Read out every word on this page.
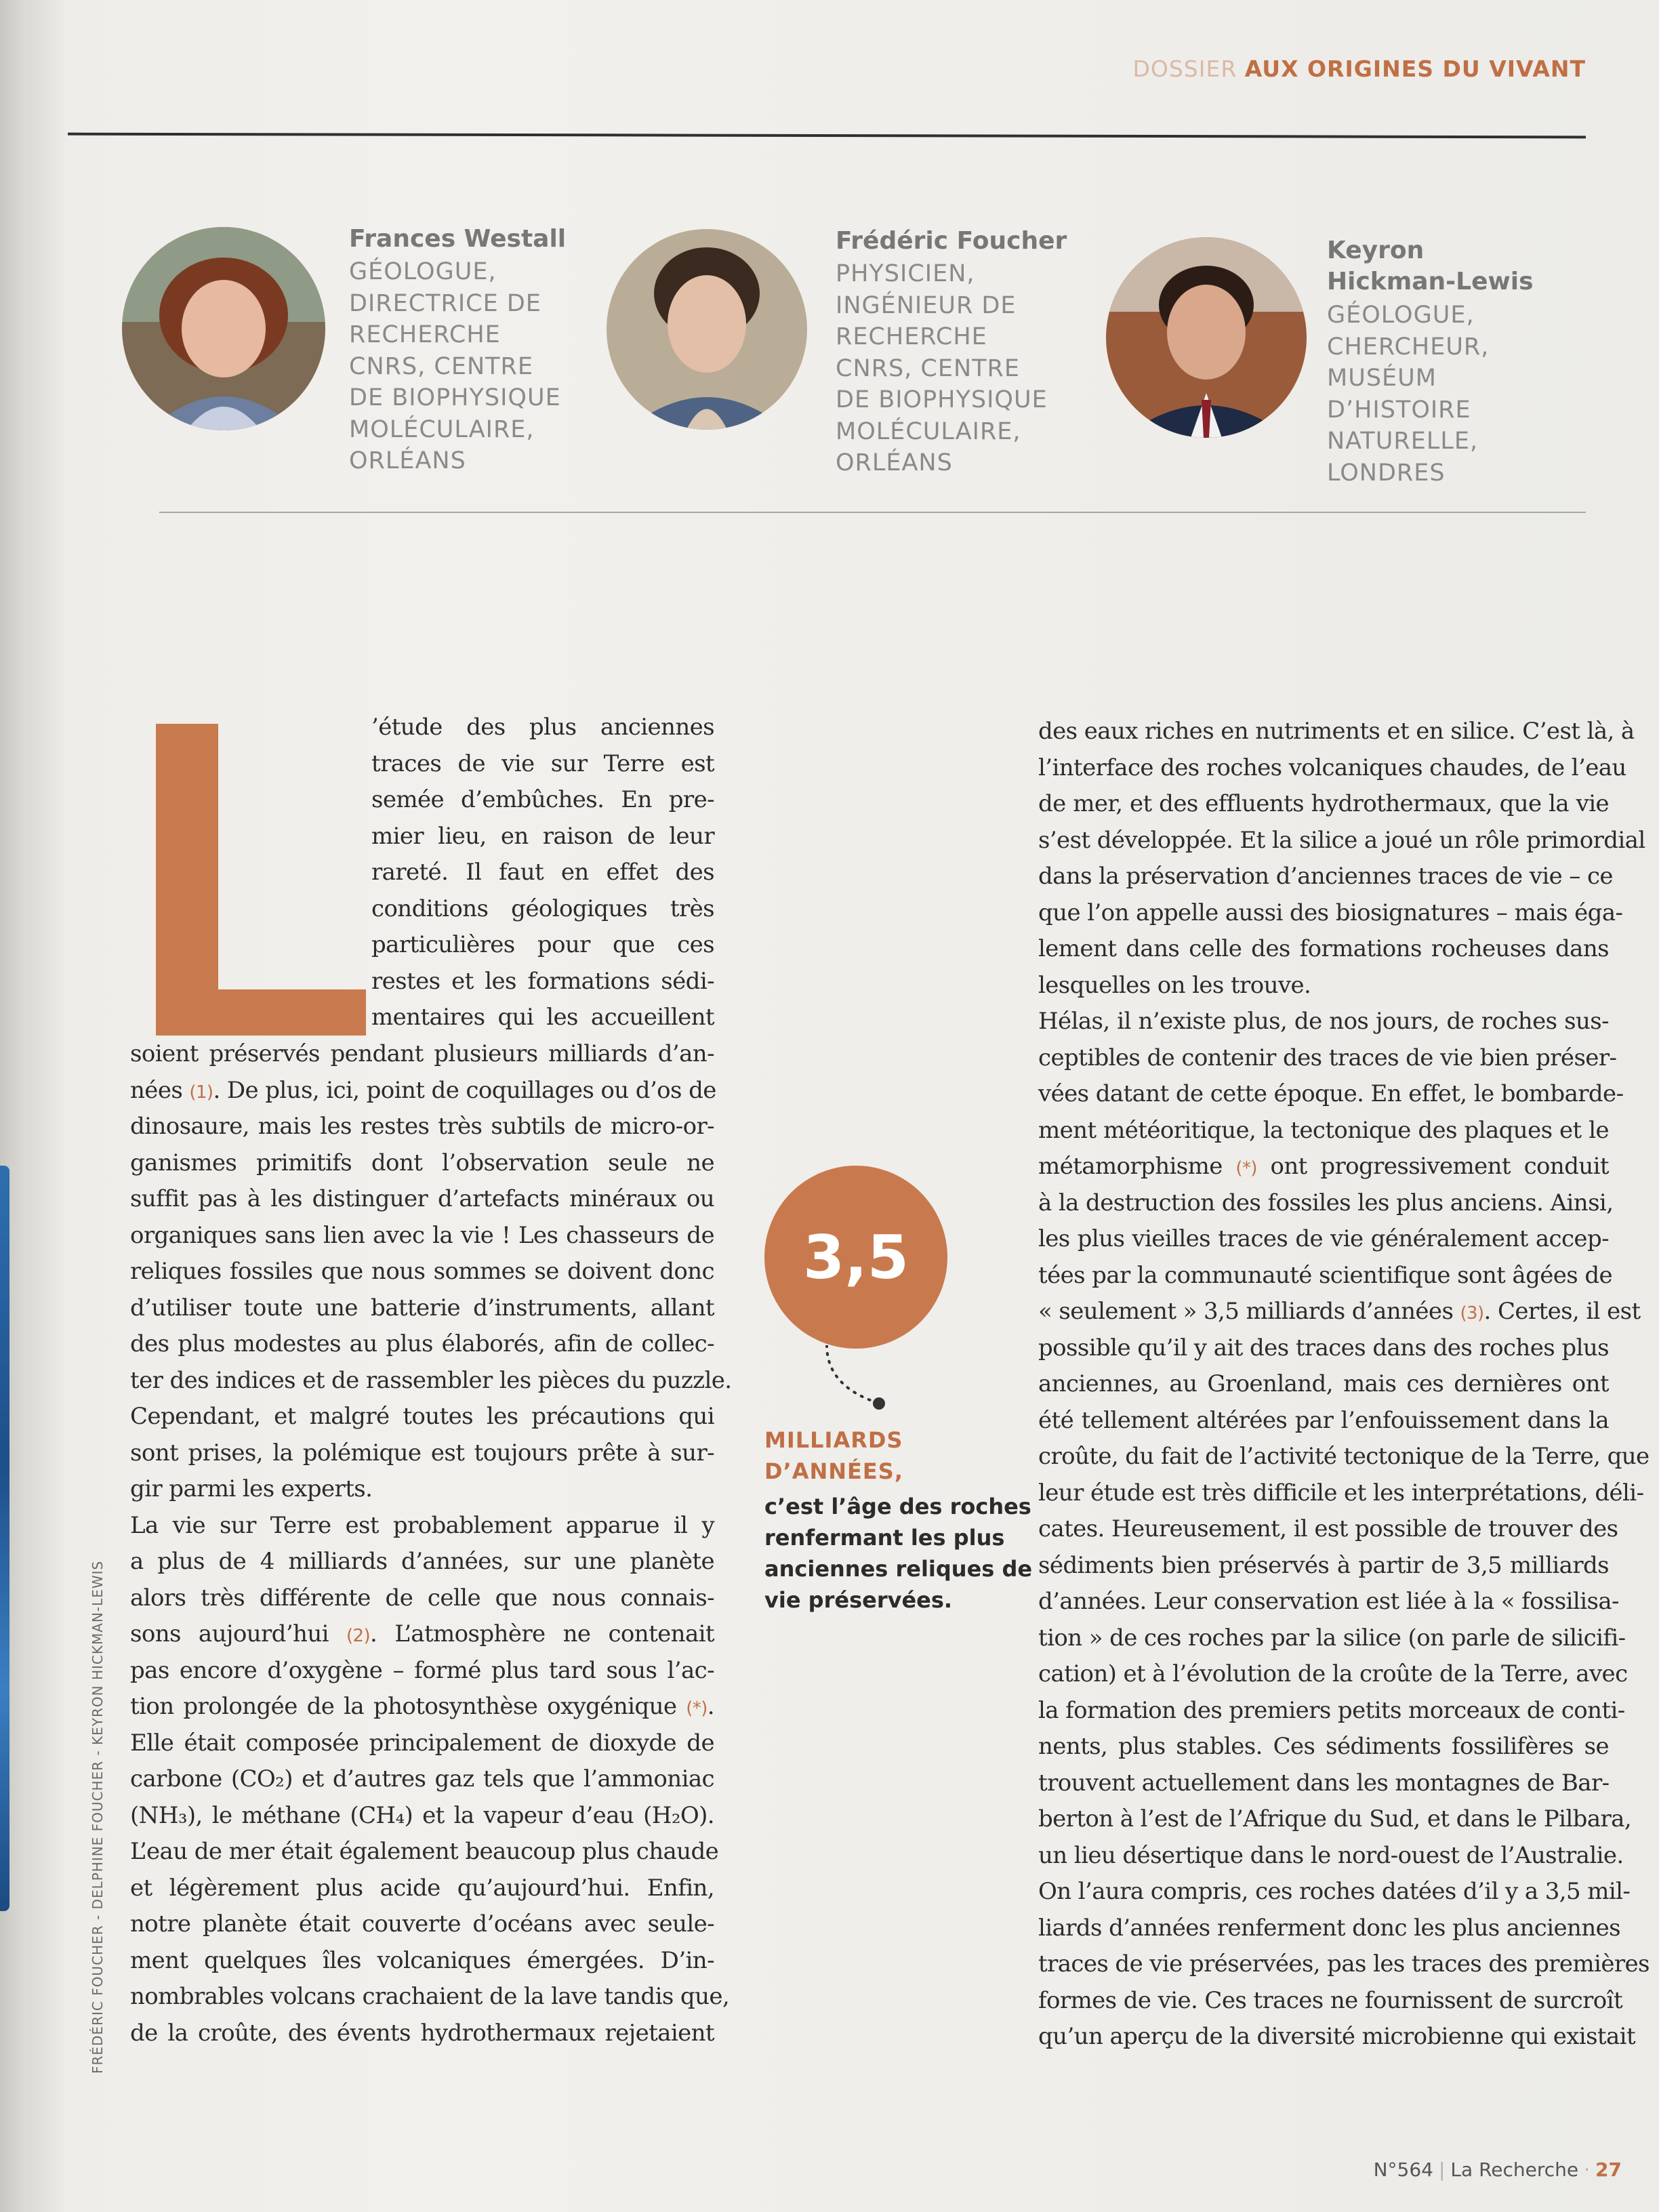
DOSSIER AUX ORIGINES DU VIVANT
Frances Westall
GÉOLOGUE,
DIRECTRICE DE
RECHERCHE
CNRS, CENTRE
DE BIOPHYSIQUE
MOLÉCULAIRE,
ORLÉANS
Frédéric Foucher
PHYSICIEN,
INGÉNIEUR DE
RECHERCHE
CNRS, CENTRE
DE BIOPHYSIQUE
MOLÉCULAIRE,
ORLÉANS
Keyron
Hickman-Lewis
GÉOLOGUE,
CHERCHEUR,
MUSÉUM
D’HISTOIRE
NATURELLE,
LONDRES
’étude des plus anciennes
traces de vie sur Terre est
semée d’embûches. En pre-
mier lieu, en raison de leur
rareté. Il faut en effet des
conditions géologiques très
particulières pour que ces
restes et les formations sédi-
mentaires qui les accueillent
soient préservés pendant plusieurs milliards d’an-
nées (1). De plus, ici, point de coquillages ou d’os de
dinosaure, mais les restes très subtils de micro-or-
ganismes primitifs dont l’observation seule ne
suffit pas à les distinguer d’artefacts minéraux ou
organiques sans lien avec la vie ! Les chasseurs de
reliques fossiles que nous sommes se doivent donc
d’utiliser toute une batterie d’instruments, allant
des plus modestes au plus élaborés, afin de collec-
ter des indices et de rassembler les pièces du puzzle.
Cependant, et malgré toutes les précautions qui
sont prises, la polémique est toujours prête à sur-
gir parmi les experts.
La vie sur Terre est probablement apparue il y
a plus de 4 milliards d’années, sur une planète
alors très différente de celle que nous connais-
sons aujourd’hui (2). L’atmosphère ne contenait
pas encore d’oxygène – formé plus tard sous l’ac-
tion prolongée de la photosynthèse oxygénique (*).
Elle était composée principalement de dioxyde de
carbone (CO₂) et d’autres gaz tels que l’ammoniac
(NH₃), le méthane (CH₄) et la vapeur d’eau (H₂O).
L’eau de mer était également beaucoup plus chaude
et légèrement plus acide qu’aujourd’hui. Enfin,
notre planète était couverte d’océans avec seule-
ment quelques îles volcaniques émergées. D’in-
nombrables volcans crachaient de la lave tandis que,
de la croûte, des évents hydrothermaux rejetaient
3,5
MILLIARDS
D’ANNÉES,
c’est l’âge des roches
renfermant les plus
anciennes reliques de
vie préservées.
des eaux riches en nutriments et en silice. C’est là, à
l’interface des roches volcaniques chaudes, de l’eau
de mer, et des effluents hydrothermaux, que la vie
s’est développée. Et la silice a joué un rôle primordial
dans la préservation d’anciennes traces de vie – ce
que l’on appelle aussi des biosignatures – mais éga-
lement dans celle des formations rocheuses dans
lesquelles on les trouve.
Hélas, il n’existe plus, de nos jours, de roches sus-
ceptibles de contenir des traces de vie bien préser-
vées datant de cette époque. En effet, le bombarde-
ment météoritique, la tectonique des plaques et le
métamorphisme (*) ont progressivement conduit
à la destruction des fossiles les plus anciens. Ainsi,
les plus vieilles traces de vie généralement accep-
tées par la communauté scientifique sont âgées de
« seulement » 3,5 milliards d’années (3). Certes, il est
possible qu’il y ait des traces dans des roches plus
anciennes, au Groenland, mais ces dernières ont
été tellement altérées par l’enfouissement dans la
croûte, du fait de l’activité tectonique de la Terre, que
leur étude est très difficile et les interprétations, déli-
cates. Heureusement, il est possible de trouver des
sédiments bien préservés à partir de 3,5 milliards
d’années. Leur conservation est liée à la « fossilisa-
tion » de ces roches par la silice (on parle de silicifi-
cation) et à l’évolution de la croûte de la Terre, avec
la formation des premiers petits morceaux de conti-
nents, plus stables. Ces sédiments fossilifères se
trouvent actuellement dans les montagnes de Bar-
berton à l’est de l’Afrique du Sud, et dans le Pilbara,
un lieu désertique dans le nord-ouest de l’Australie.
On l’aura compris, ces roches datées d’il y a 3,5 mil-
liards d’années renferment donc les plus anciennes
traces de vie préservées, pas les traces des premières
formes de vie. Ces traces ne fournissent de surcroît
qu’un aperçu de la diversité microbienne qui existait
FRÉDÉRIC FOUCHER - DELPHINE FOUCHER - KEYRON HICKMAN-LEWIS
N°564 | La Recherche · 27
